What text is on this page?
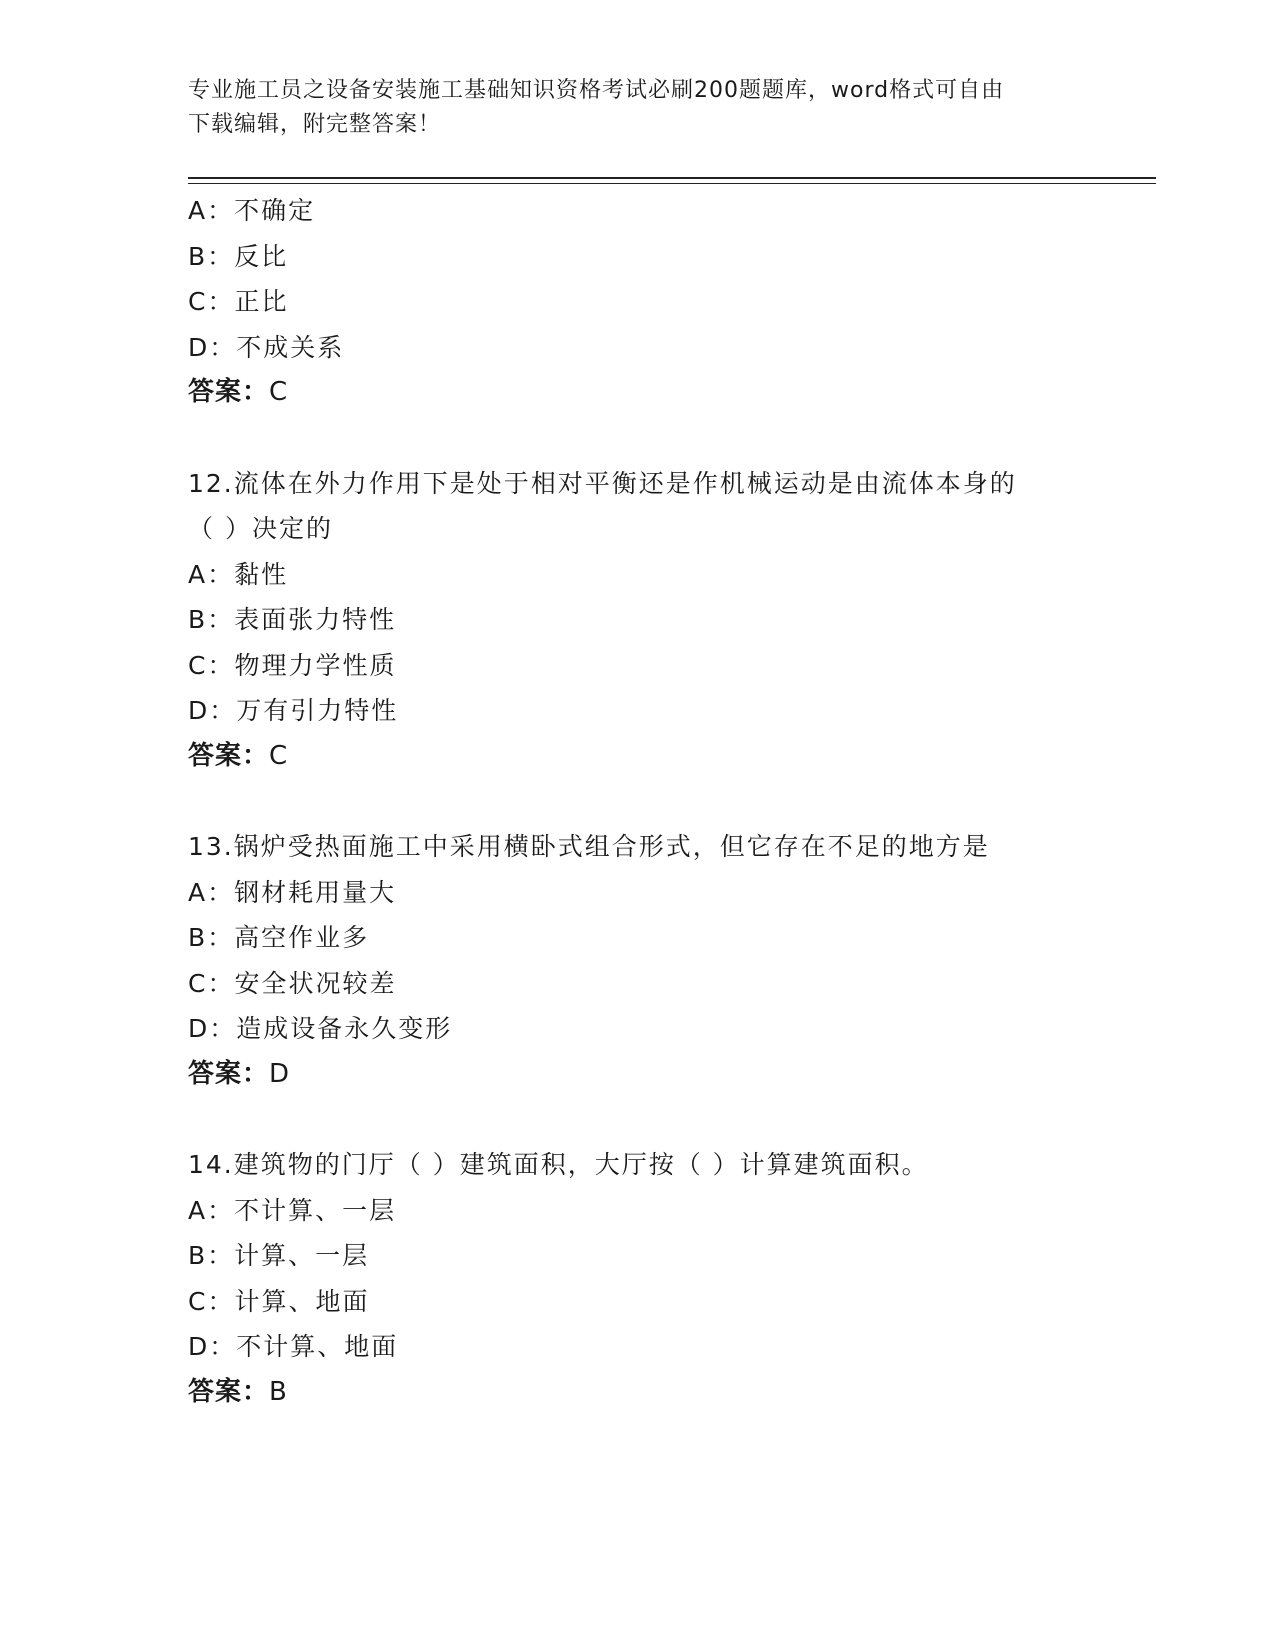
专业施工员之设备安装施工基础知识资格考试必刷200题题库，word格式可自由
下载编辑，附完整答案！
A：不确定
B：反比
C：正比
D：不成关系
答案：C
12.流体在外力作用下是处于相对平衡还是作机械运动是由流体本身的
（ ）决定的
A：黏性
B：表面张力特性
C：物理力学性质
D：万有引力特性
答案：C
13.锅炉受热面施工中采用横卧式组合形式，但它存在不足的地方是
A：钢材耗用量大
B：高空作业多
C：安全状况较差
D：造成设备永久变形
答案：D
14.建筑物的门厅（ ）建筑面积，大厅按（ ）计算建筑面积。
A：不计算、一层
B：计算、一层
C：计算、地面
D：不计算、地面
答案：B
